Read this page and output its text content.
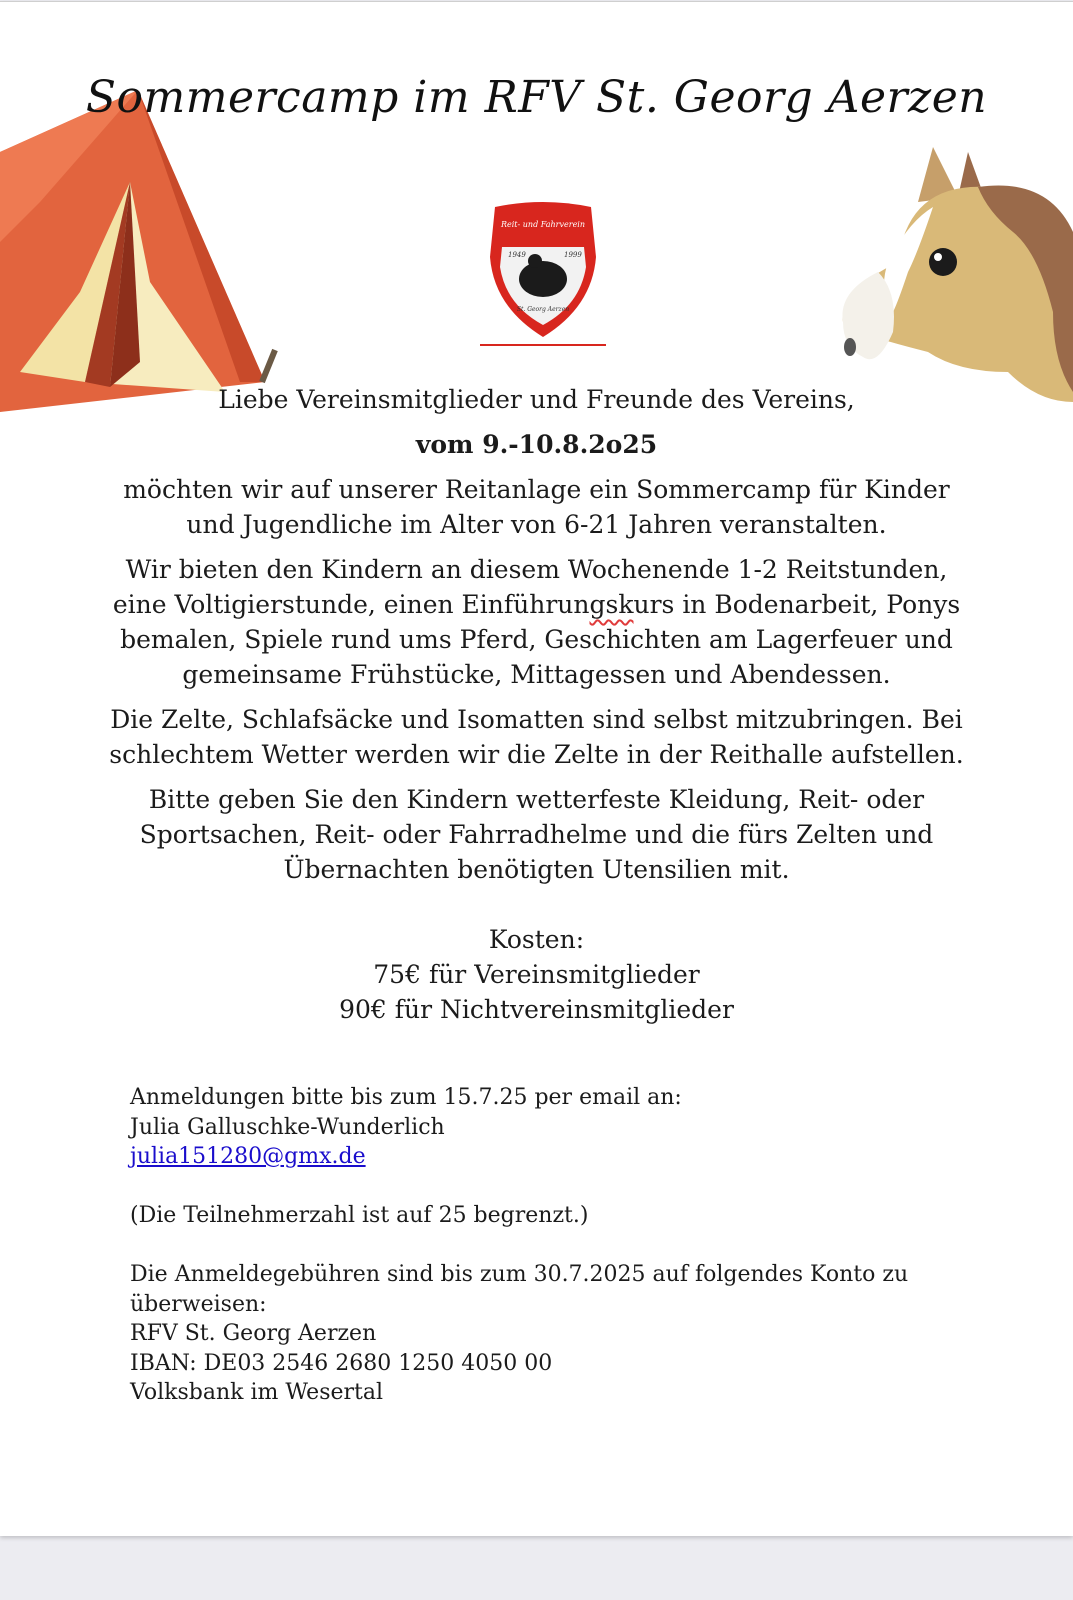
Sommercamp im RFV St. Georg Aerzen
Reit- und Fahrverein
1949	1999
St. Georg Aerzen

Liebe Vereinsmitglieder und Freunde des Vereins,

vom 9.-10.8.2o25

möchten wir auf unserer Reitanlage ein Sommercamp für Kinder
und Jugendliche im Alter von 6-21 Jahren veranstalten.

Wir bieten den Kindern an diesem Wochenende 1-2 Reitstunden,
eine Voltigierstunde, einen Einführungskurs in Bodenarbeit, Ponys
bemalen, Spiele rund ums Pferd, Geschichten am Lagerfeuer und
gemeinsame Frühstücke, Mittagessen und Abendessen.

Die Zelte, Schlafsäcke und Isomatten sind selbst mitzubringen. Bei
schlechtem Wetter werden wir die Zelte in der Reithalle aufstellen.

Bitte geben Sie den Kindern wetterfeste Kleidung, Reit- oder
Sportsachen, Reit- oder Fahrradhelme und die fürs Zelten und
Übernachten benötigten Utensilien mit.

Kosten:
75€ für Vereinsmitglieder
90€ für Nichtvereinsmitglieder

Anmeldungen bitte bis zum 15.7.25 per email an:

Julia Galluschke-Wunderlich

julia151280@gmx.de

(Die Teilnehmerzahl ist auf 25 begrenzt.)

Die Anmeldegebühren sind bis zum 30.7.2025 auf folgendes Konto zu

überweisen:

RFV St. Georg Aerzen

IBAN: DE03 2546 2680 1250 4050 00

Volksbank im Wesertal
